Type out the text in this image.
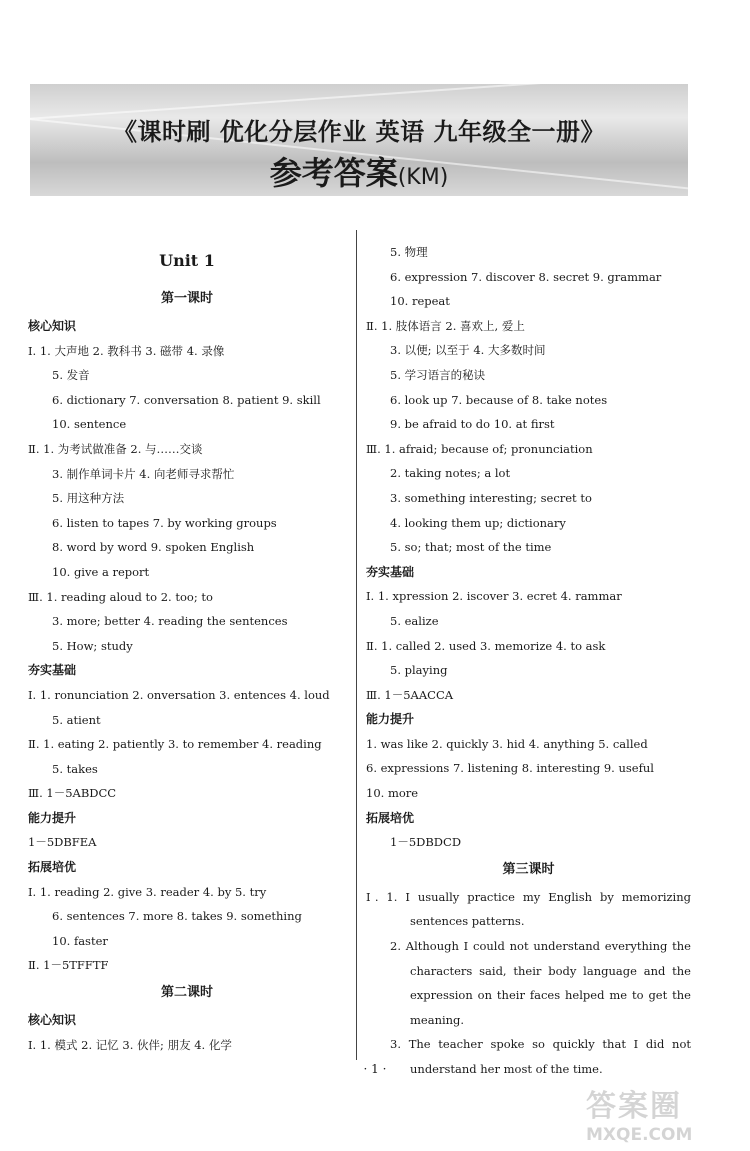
《课时刷 优化分层作业 英语 九年级全一册》
参考答案(KM)
Unit 1
第一课时
核心知识
Ⅰ. 1. 大声地 2. 教科书 3. 磁带 4. 录像
5. 发音
6. dictionary 7. conversation 8. patient 9. skill
10. sentence
Ⅱ. 1. 为考试做准备 2. 与……交谈
3. 制作单词卡片 4. 向老师寻求帮忙
5. 用这种方法
6. listen to tapes 7. by working groups
8. word by word 9. spoken English
10. give a report
Ⅲ. 1. reading aloud to 2. too; to
3. more; better 4. reading the sentences
5. How; study
夯实基础
Ⅰ. 1. ronunciation 2. onversation 3. entences 4. loud
5. atient
Ⅱ. 1. eating 2. patiently 3. to remember 4. reading
5. takes
Ⅲ. 1－5ABDCC
能力提升
1－5DBFEA
拓展培优
Ⅰ. 1. reading 2. give 3. reader 4. by 5. try
6. sentences 7. more 8. takes 9. something
10. faster
Ⅱ. 1－5TFFTF
第二课时
核心知识
Ⅰ. 1. 模式 2. 记忆 3. 伙伴; 朋友 4. 化学
5. 物理
6. expression 7. discover 8. secret 9. grammar
10. repeat
Ⅱ. 1. 肢体语言 2. 喜欢上, 爱上
3. 以便; 以至于 4. 大多数时间
5. 学习语言的秘诀
6. look up 7. because of 8. take notes
9. be afraid to do 10. at first
Ⅲ. 1. afraid; because of; pronunciation
2. taking notes; a lot
3. something interesting; secret to
4. looking them up; dictionary
5. so; that; most of the time
夯实基础
Ⅰ. 1. xpression 2. iscover 3. ecret 4. rammar
5. ealize
Ⅱ. 1. called 2. used 3. memorize 4. to ask
5. playing
Ⅲ. 1－5AACCA
能力提升
1. was like 2. quickly 3. hid 4. anything 5. called
6. expressions 7. listening 8. interesting 9. useful
10. more
拓展培优
1－5DBDCD
第三课时
Ⅰ. 1. I usually practice my English by memorizing
sentences patterns.
2. Although I could not understand everything the
characters said, their body language and the
expression on their faces helped me to get the
meaning.
3. The teacher spoke so quickly that I did not
understand her most of the time.
· 1 ·
答案圈
MXQE.COM
